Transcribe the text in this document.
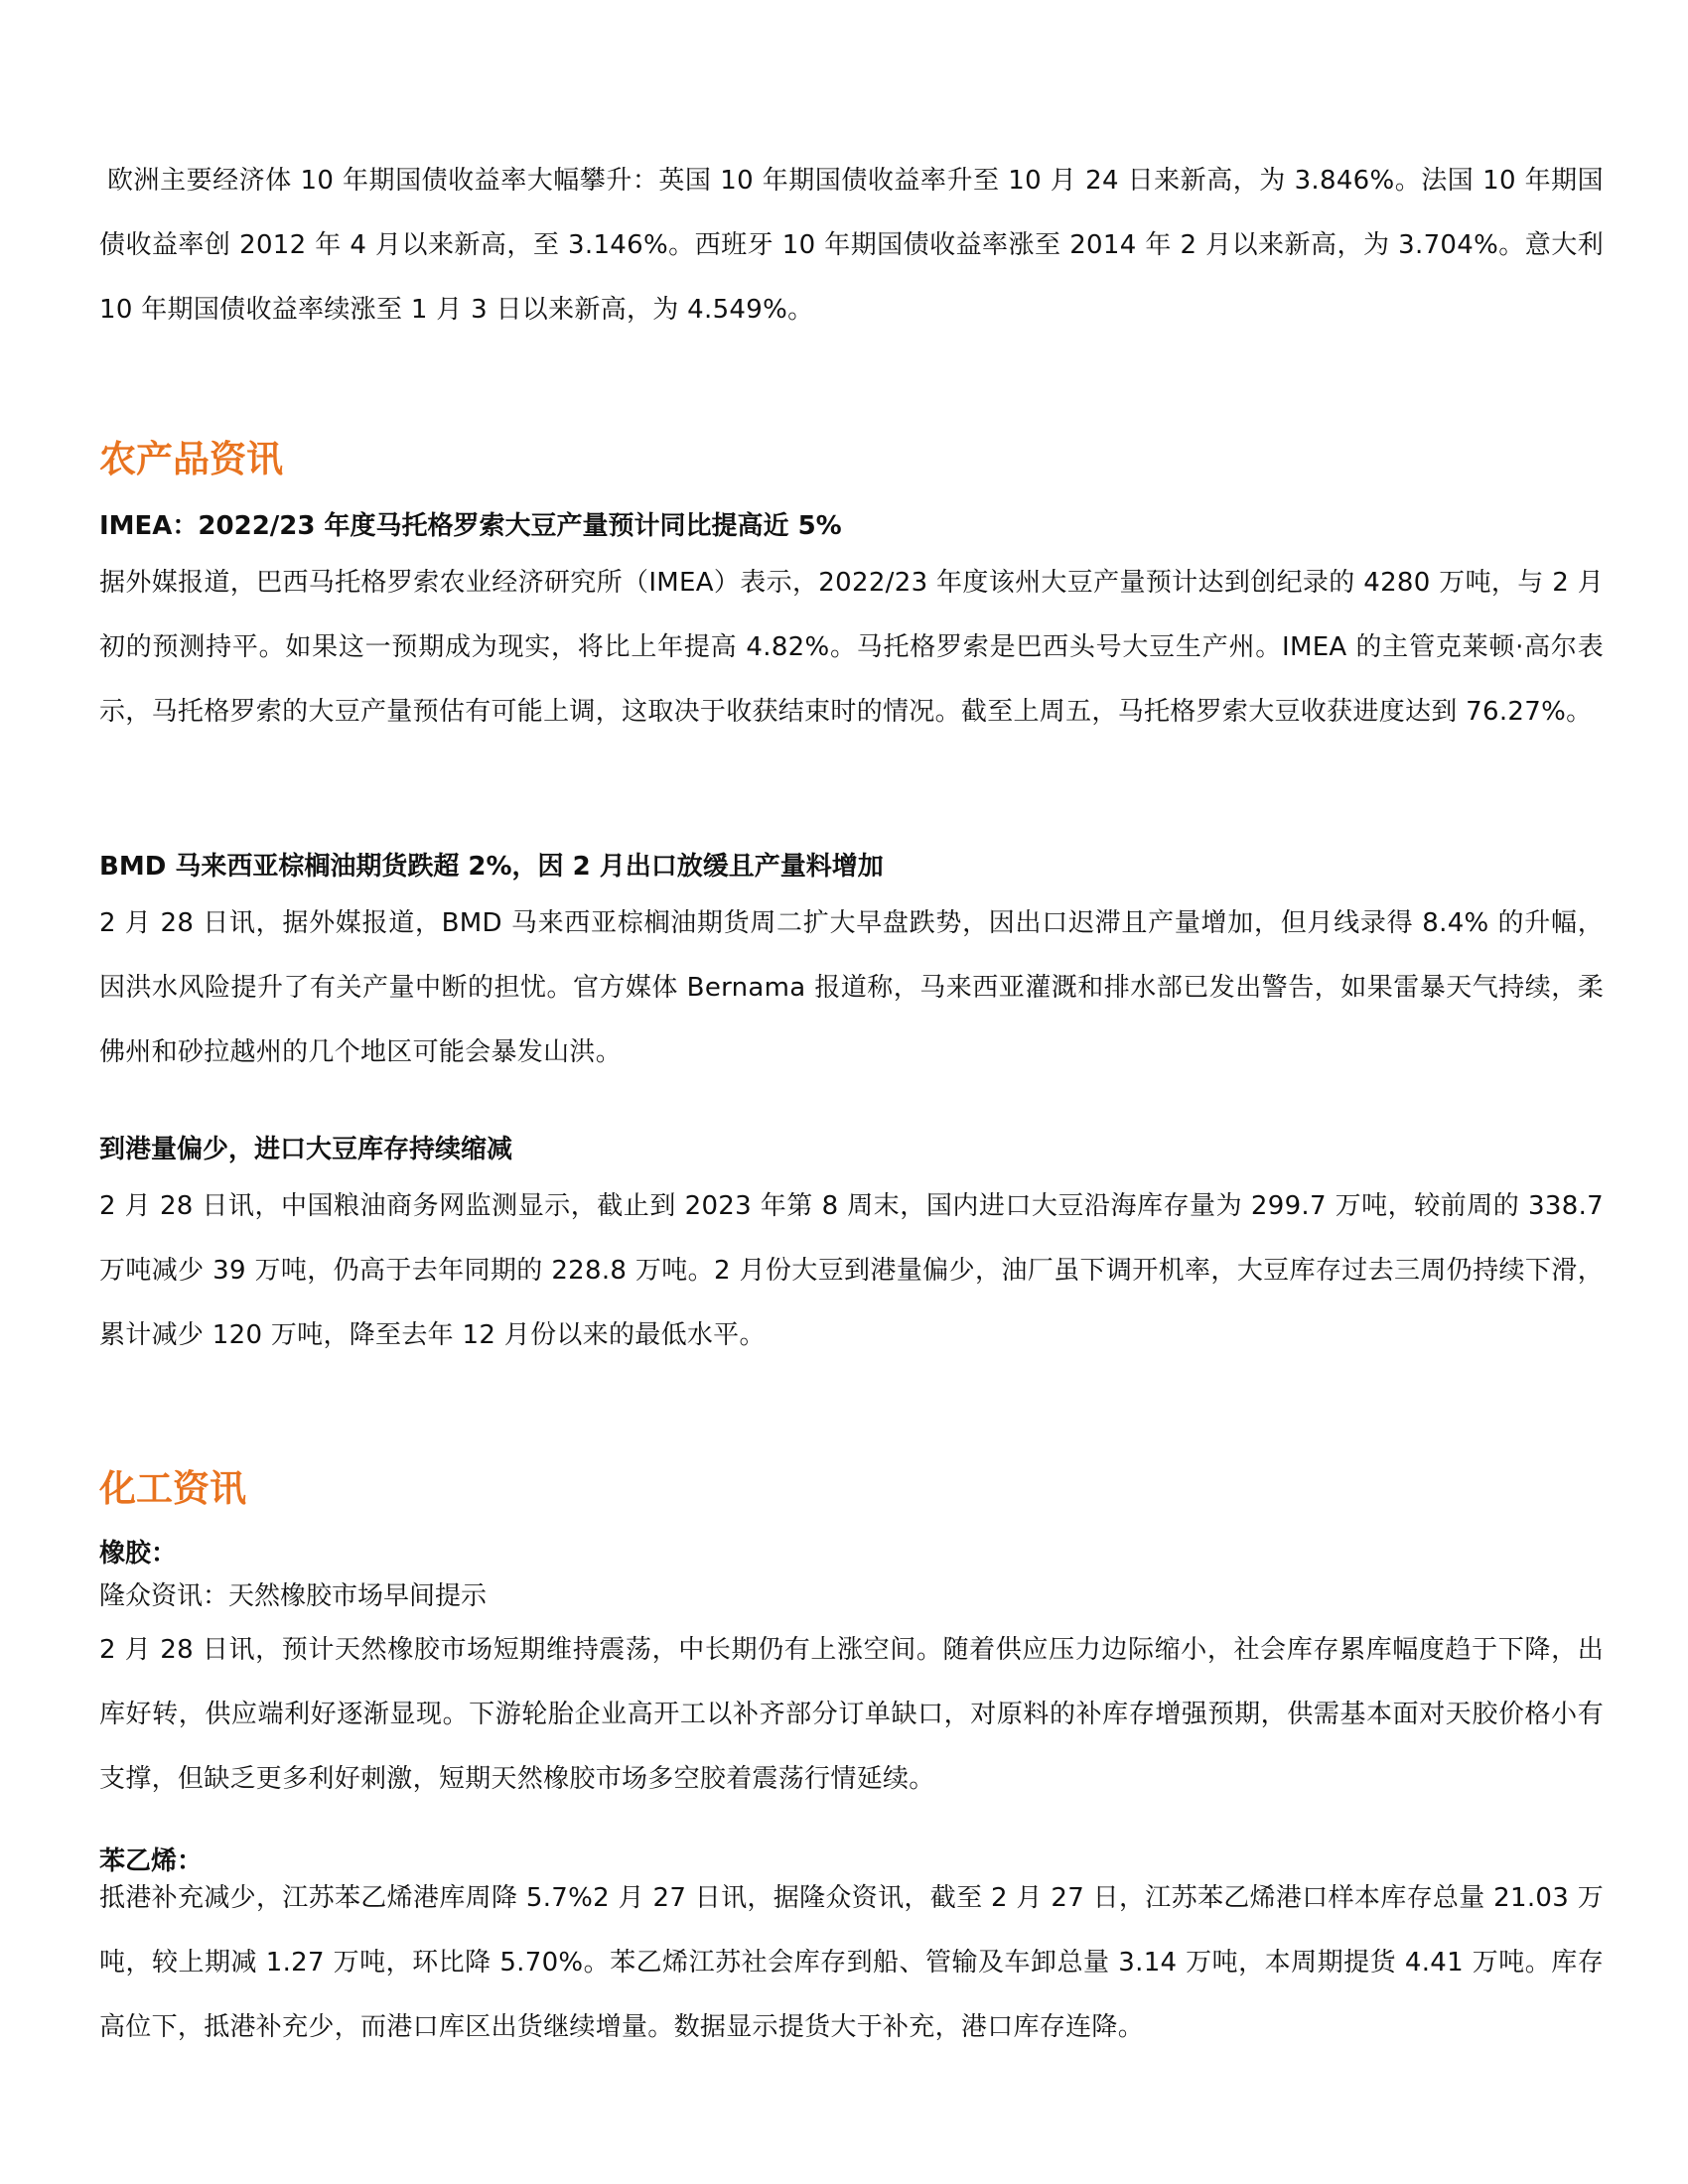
欧洲主要经济体 10 年期国债收益率大幅攀升：英国 10 年期国债收益率升至 10 月 24 日来新高，为 3.846%。法国 10 年期国债收益率创 2012 年 4 月以来新高，至 3.146%。西班牙 10 年期国债收益率涨至 2014 年 2 月以来新高，为 3.704%。意大利 10 年期国债收益率续涨至 1 月 3 日以来新高，为 4.549%。

农产品资讯
IMEA：2022/23 年度马托格罗索大豆产量预计同比提高近 5%

据外媒报道，巴西马托格罗索农业经济研究所（IMEA）表示，2022/23 年度该州大豆产量预计达到创纪录的 4280 万吨，与 2 月初的预测持平。如果这一预期成为现实，将比上年提高 4.82%。马托格罗索是巴西头号大豆生产州。IMEA 的主管克莱顿·高尔表示，马托格罗索的大豆产量预估有可能上调，这取决于收获结束时的情况。截至上周五，马托格罗索大豆收获进度达到 76.27%。

BMD 马来西亚棕榈油期货跌超 2%，因 2 月出口放缓且产量料增加

2 月 28 日讯，据外媒报道，BMD 马来西亚棕榈油期货周二扩大早盘跌势，因出口迟滞且产量增加，但月线录得 8.4% 的升幅，因洪水风险提升了有关产量中断的担忧。官方媒体 Bernama 报道称，马来西亚灌溉和排水部已发出警告，如果雷暴天气持续，柔佛州和砂拉越州的几个地区可能会暴发山洪。

到港量偏少，进口大豆库存持续缩减

2 月 28 日讯，中国粮油商务网监测显示，截止到 2023 年第 8 周末，国内进口大豆沿海库存量为 299.7 万吨，较前周的 338.7 万吨减少 39 万吨，仍高于去年同期的 228.8 万吨。2 月份大豆到港量偏少，油厂虽下调开机率，大豆库存过去三周仍持续下滑，累计减少 120 万吨，降至去年 12 月份以来的最低水平。

化工资讯
橡胶：
隆众资讯：天然橡胶市场早间提示

2 月 28 日讯，预计天然橡胶市场短期维持震荡，中长期仍有上涨空间。随着供应压力边际缩小，社会库存累库幅度趋于下降，出库好转，供应端利好逐渐显现。下游轮胎企业高开工以补齐部分订单缺口，对原料的补库存增强预期，供需基本面对天胶价格小有支撑，但缺乏更多利好刺激，短期天然橡胶市场多空胶着震荡行情延续。

苯乙烯：

抵港补充减少，江苏苯乙烯港库周降 5.7%2 月 27 日讯，据隆众资讯，截至 2 月 27 日，江苏苯乙烯港口样本库存总量 21.03 万吨，较上期减 1.27 万吨，环比降 5.70%。苯乙烯江苏社会库存到船、管输及车卸总量 3.14 万吨，本周期提货 4.41 万吨。库存高位下，抵港补充少，而港口库区出货继续增量。数据显示提货大于补充，港口库存连降。
